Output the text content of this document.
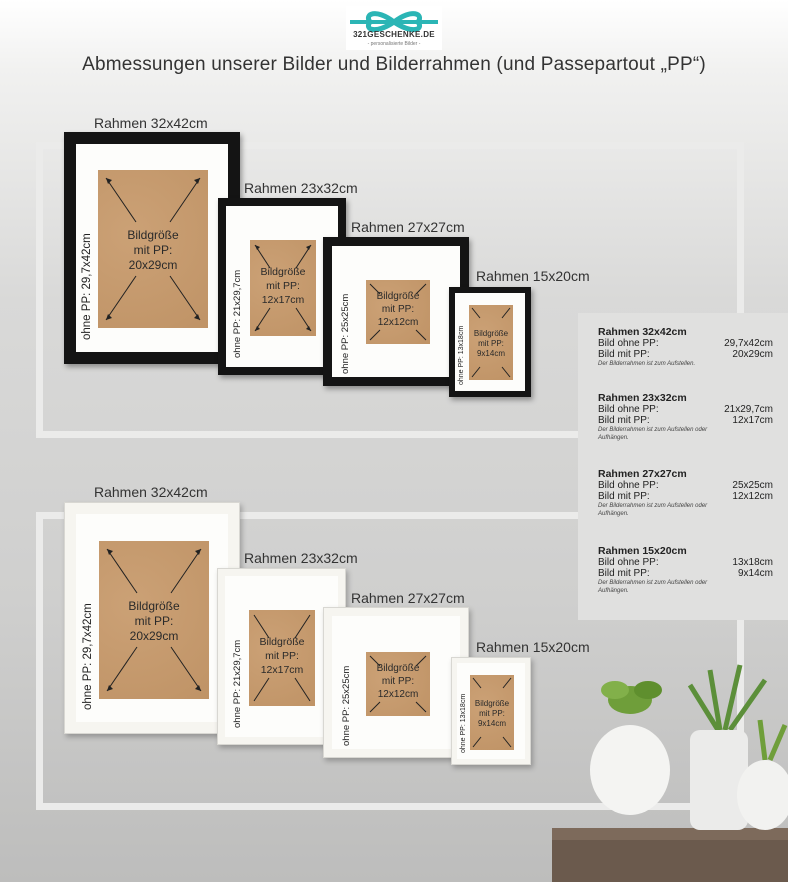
321GESCHENKE.DE
- personalisierte Bilder -
Abmessungen unserer Bilder und Bilderrahmen (und Passepartout „PP“)
Rahmen 32x42cm
Bildgröße
mit PP:
20x29cm
ohne PP: 29,7x42cm
Rahmen 23x32cm
Bildgröße
mit PP:
12x17cm
ohne PP: 21x29,7cm
Rahmen 27x27cm
Bildgröße
mit PP:
12x12cm
ohne PP: 25x25cm
Rahmen 15x20cm
Bildgröße
mit PP:
9x14cm
ohne PP: 13x18cm
Rahmen 32x42cm
Bildgröße
mit PP:
20x29cm
ohne PP: 29,7x42cm
Rahmen 23x32cm
Bildgröße
mit PP:
12x17cm
ohne PP: 21x29,7cm
Rahmen 27x27cm
Bildgröße
mit PP:
12x12cm
ohne PP: 25x25cm
Rahmen 15x20cm
Bildgröße
mit PP:
9x14cm
ohne PP: 13x18cm
Rahmen 32x42cm
Bild ohne PP:	29,7x42cm
Bild mit PP:	20x29cm
Der Bilderrahmen ist zum Aufstellen.
Rahmen 23x32cm
Bild ohne PP:	21x29,7cm
Bild mit PP:	12x17cm
Der Bilderrahmen ist zum Aufstellen oder Aufhängen.
Rahmen 27x27cm
Bild ohne PP:	25x25cm
Bild mit PP:	12x12cm
Der Bilderrahmen ist zum Aufstellen oder Aufhängen.
Rahmen 15x20cm
Bild ohne PP:	13x18cm
Bild mit PP:	9x14cm
Der Bilderrahmen ist zum Aufstellen oder Aufhängen.
